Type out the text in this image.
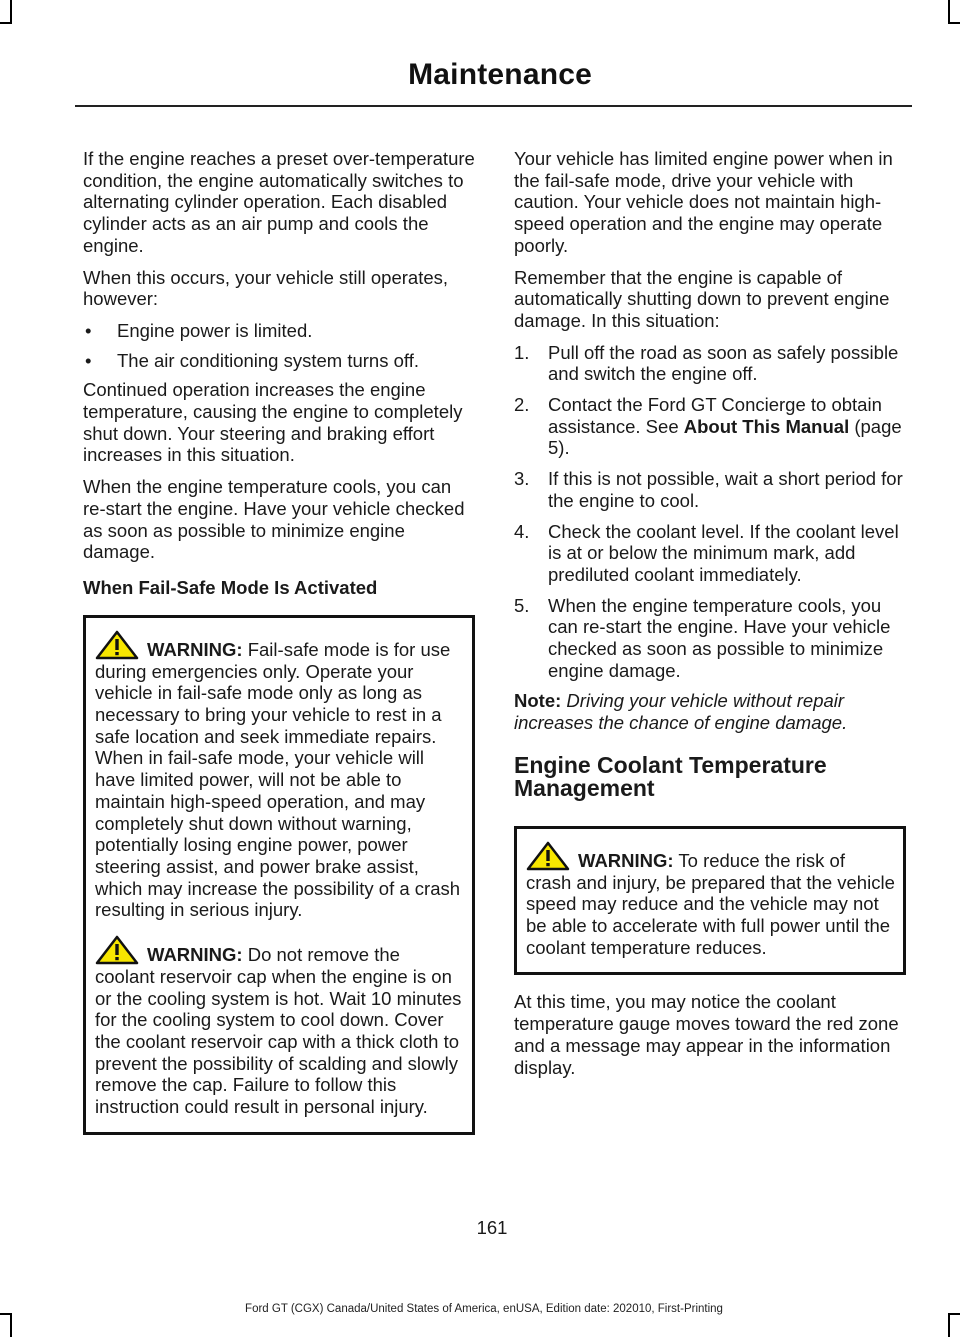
Maintenance

If the engine reaches a preset over-temperature condition, the engine automatically switches to alternating cylinder operation. Each disabled cylinder acts as an air pump and cools the engine.

When this occurs, your vehicle still operates, however:

• Engine power is limited.
• The air conditioning system turns off.

Continued operation increases the engine temperature, causing the engine to completely shut down. Your steering and braking effort increases in this situation.

When the engine temperature cools, you can re-start the engine. Have your vehicle checked as soon as possible to minimize engine damage.

When Fail-Safe Mode Is Activated

WARNING: Fail-safe mode is for use during emergencies only. Operate your vehicle in fail-safe mode only as long as necessary to bring your vehicle to rest in a safe location and seek immediate repairs. When in fail-safe mode, your vehicle will have limited power, will not be able to maintain high-speed operation, and may completely shut down without warning, potentially losing engine power, power steering assist, and power brake assist, which may increase the possibility of a crash resulting in serious injury.

WARNING: Do not remove the coolant reservoir cap when the engine is on or the cooling system is hot. Wait 10 minutes for the cooling system to cool down. Cover the coolant reservoir cap with a thick cloth to prevent the possibility of scalding and slowly remove the cap. Failure to follow this instruction could result in personal injury.

Your vehicle has limited engine power when in the fail-safe mode, drive your vehicle with caution. Your vehicle does not maintain high-speed operation and the engine may operate poorly.

Remember that the engine is capable of automatically shutting down to prevent engine damage. In this situation:

1. Pull off the road as soon as safely possible and switch the engine off.
2. Contact the Ford GT Concierge to obtain assistance. See About This Manual (page 5).
3. If this is not possible, wait a short period for the engine to cool.
4. Check the coolant level. If the coolant level is at or below the minimum mark, add prediluted coolant immediately.
5. When the engine temperature cools, you can re-start the engine. Have your vehicle checked as soon as possible to minimize engine damage.

Note: Driving your vehicle without repair increases the chance of engine damage.

Engine Coolant Temperature Management

WARNING: To reduce the risk of crash and injury, be prepared that the vehicle speed may reduce and the vehicle may not be able to accelerate with full power until the coolant temperature reduces.

At this time, you may notice the coolant temperature gauge moves toward the red zone and a message may appear in the information display.

161
Ford GT (CGX) Canada/United States of America, enUSA, Edition date: 202010, First-Printing
